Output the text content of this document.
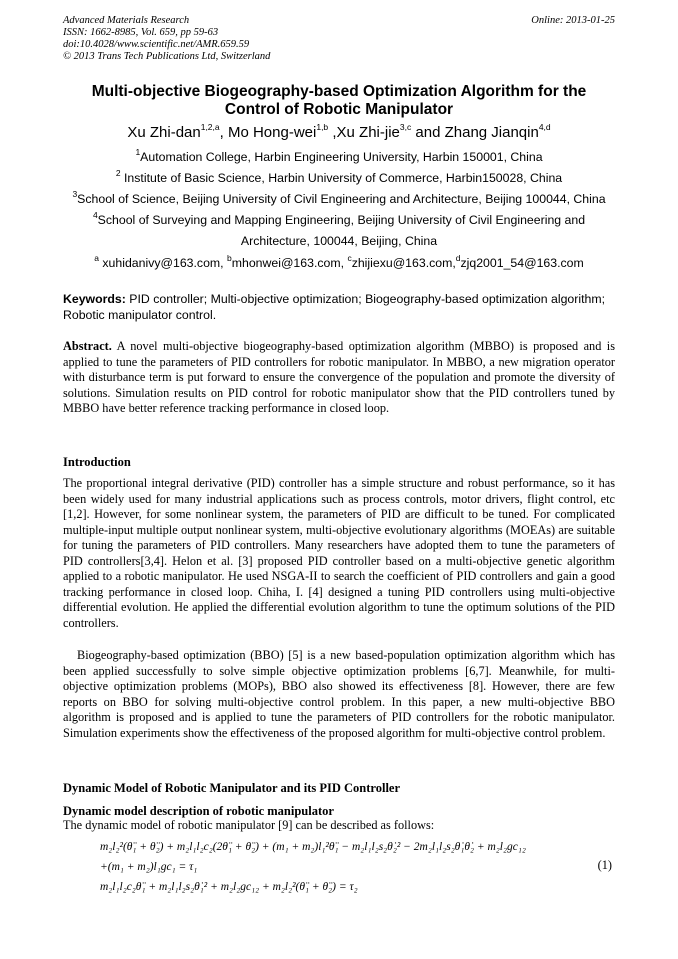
Advanced Materials Research
ISSN: 1662-8985, Vol. 659, pp 59-63
doi:10.4028/www.scientific.net/AMR.659.59
© 2013 Trans Tech Publications Ltd, Switzerland
Online: 2013-01-25
Multi-objective Biogeography-based Optimization Algorithm for the
Control of Robotic Manipulator
Xu Zhi-dan$^{1,2,a}$, Mo Hong-wei$^{1,b}$ ,Xu Zhi-jie$^{3,c}$ and Zhang Jianqin$^{4,d}$
$^1$Automation College, Harbin Engineering University, Harbin 150001, China
$^2$ Institute of Basic Science, Harbin University of Commerce, Harbin150028, China
$^3$School of Science, Beijing University of Civil Engineering and Architecture, Beijing 100044, China
$^4$School of Surveying and Mapping Engineering, Beijing University of Civil Engineering and
Architecture, 100044, Beijing, China
$^a$ xuhidanivy@163.com, $^b$mhonwei@163.com, $^c$zhijiexu@163.com,$^d$zjq2001_54@163.com
Keywords: PID controller; Multi-objective optimization; Biogeography-based optimization algorithm; Robotic manipulator control.
Abstract. A novel multi-objective biogeography-based optimization algorithm (MBBO) is proposed and is applied to tune the parameters of PID controllers for robotic manipulator. In MBBO, a new migration operator with disturbance term is put forward to ensure the convergence of the population and promote the diversity of solutions. Simulation results on PID control for robotic manipulator show that the PID controllers tuned by MBBO have better reference tracking performance in closed loop.
Introduction
The proportional integral derivative (PID) controller has a simple structure and robust performance, so it has been widely used for many industrial applications such as process controls, motor drivers, flight control, etc [1,2]. However, for some nonlinear system, the parameters of PID are difficult to be tuned. For complicated multiple-input multiple output nonlinear system, multi-objective evolutionary algorithms (MOEAs) are suitable for tuning the parameters of PID controllers. Many researchers have adopted them to tune the parameters of PID controllers[3,4]. Helon et al. [3] proposed PID controller based on a multi-objective genetic algorithm applied to a robotic manipulator. He used NSGA-II to search the coefficient of PID controllers and gain a good tracking performance in closed loop. Chiha, I. [4] designed a tuning PID controllers using multi-objective differential evolution. He applied the differential evolution algorithm to tune the optimum solutions of the PID controllers.
Biogeography-based optimization (BBO) [5] is a new based-population optimization algorithm which has been applied successfully to solve simple objective optimization problems [6,7]. Meanwhile, for multi-objective optimization problems (MOPs), BBO also showed its effectiveness [8]. However, there are few reports on BBO for solving multi-objective control problem. In this paper, a new multi-objective BBO algorithm is proposed and is applied to tune the parameters of PID controllers for the robotic manipulator. Simulation experiments show the effectiveness of the proposed algorithm for multi-objective control problem.
Dynamic Model of Robotic Manipulator and its PID Controller
Dynamic model description of robotic manipulator
The dynamic model of robotic manipulator [9] can be described as follows:
m₂l₂²(θ̈₁ + θ̈₂) + m₂l₁l₂c₂(2θ̈₁ + θ̈₂) + (m₁ + m₂)l₁²θ̈₁ − m₂l₁l₂s₂θ̇₂² − 2m₂l₁l₂s₂θ̇₁θ̇₂ + m₂l₂gc₁₂
+(m₁ + m₂)l₁gc₁ = τ₁	(1)
m₂l₁l₂c₂θ̈₁ + m₂l₁l₂s₂θ̇₁² + m₂l₂gc₁₂ + m₂l₂²(θ̈₁ + θ̈₂) = τ₂
